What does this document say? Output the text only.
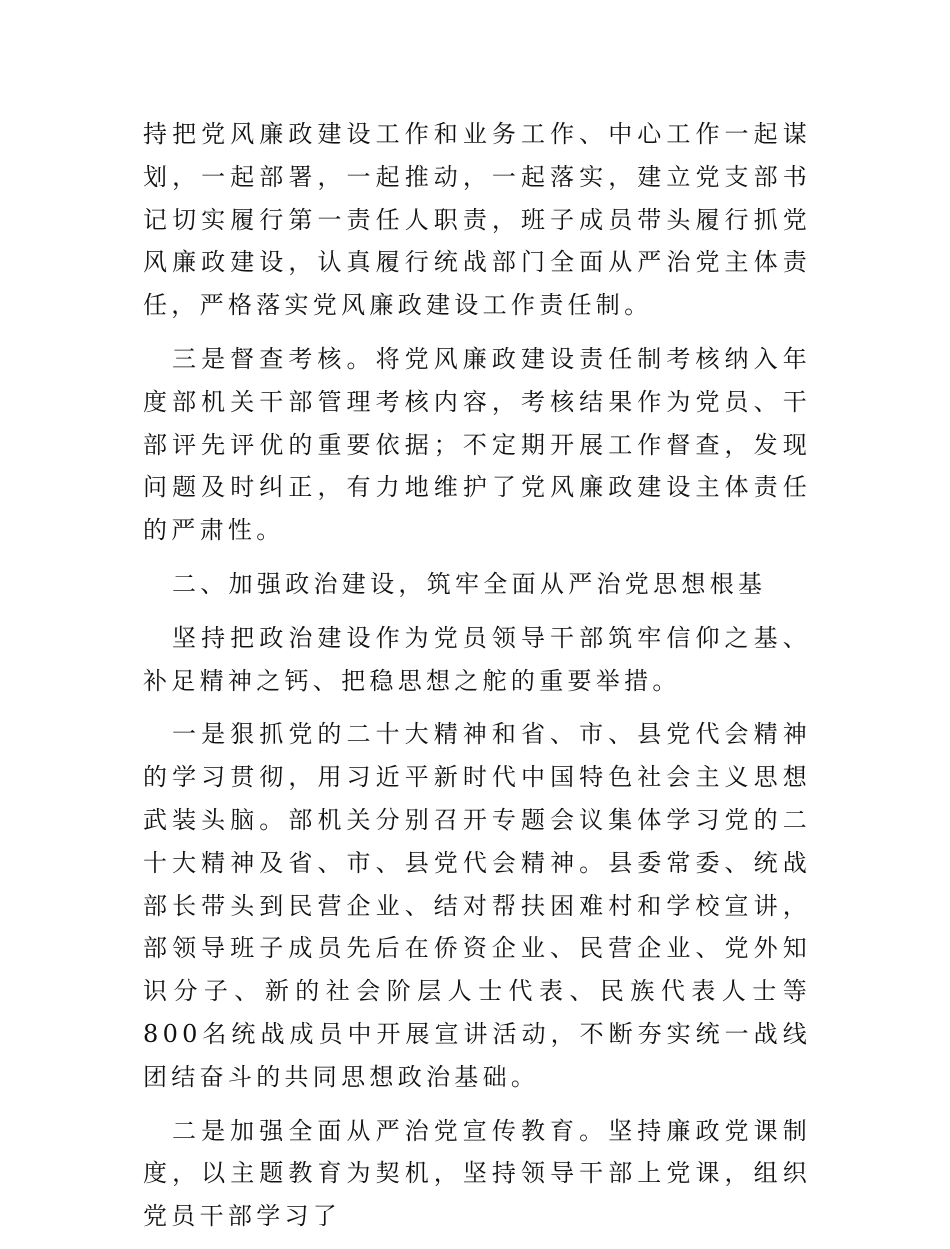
持把党风廉政建设工作和业务工作、中心工作一起谋划，一起部署，一起推动，一起落实，建立党支部书记切实履行第一责任人职责，班子成员带头履行抓党风廉政建设，认真履行统战部门全面从严治党主体责任，严格落实党风廉政建设工作责任制。

三是督查考核。将党风廉政建设责任制考核纳入年度部机关干部管理考核内容，考核结果作为党员、干部评先评优的重要依据；不定期开展工作督查，发现问题及时纠正，有力地维护了党风廉政建设主体责任的严肃性。

二、加强政治建设，筑牢全面从严治党思想根基

坚持把政治建设作为党员领导干部筑牢信仰之基、补足精神之钙、把稳思想之舵的重要举措。

一是狠抓党的二十大精神和省、市、县党代会精神的学习贯彻，用习近平新时代中国特色社会主义思想武装头脑。部机关分别召开专题会议集体学习党的二十大精神及省、市、县党代会精神。县委常委、统战部长带头到民营企业、结对帮扶困难村和学校宣讲，部领导班子成员先后在侨资企业、民营企业、党外知识分子、新的社会阶层人士代表、民族代表人士等800名统战成员中开展宣讲活动，不断夯实统一战线团结奋斗的共同思想政治基础。

二是加强全面从严治党宣传教育。坚持廉政党课制度，以主题教育为契机，坚持领导干部上党课，组织党员干部学习了
